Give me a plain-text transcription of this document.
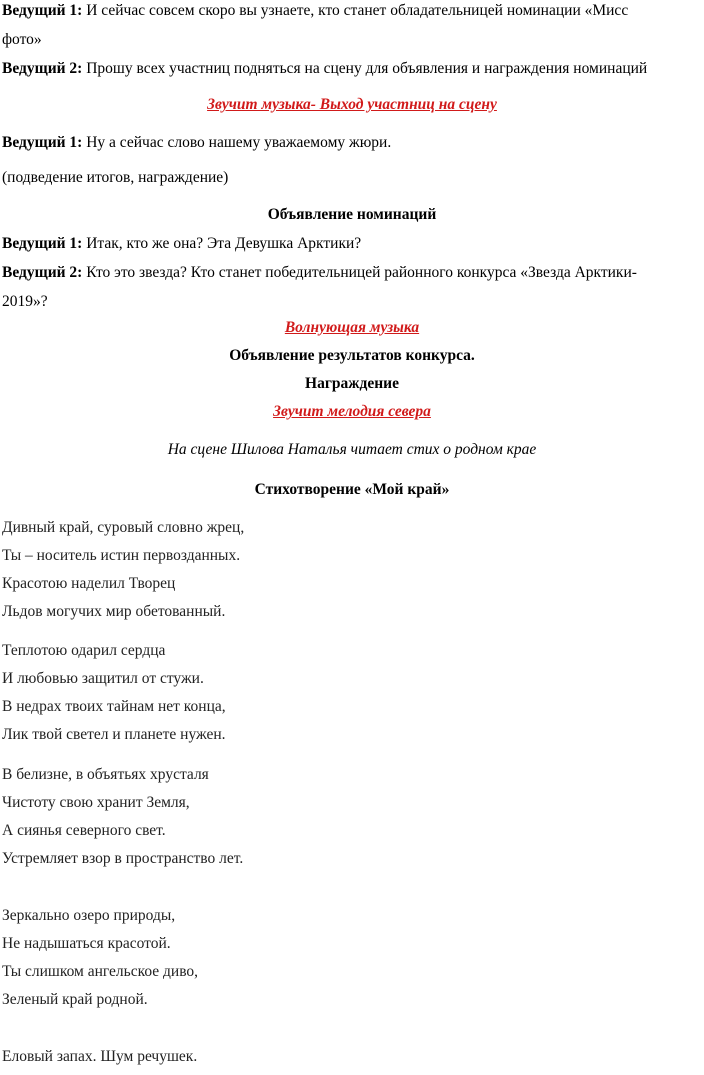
Ведущий 1: И сейчас совсем скоро вы узнаете, кто станет обладательницей номинации «Мисс
фото»
Ведущий 2: Прошу всех участниц подняться на сцену для объявления и награждения номинаций
Звучит музыка- Выход участниц на сцену
Ведущий 1: Ну а сейчас слово нашему уважаемому жюри.
(подведение итогов, награждение)
Объявление номинаций
Ведущий 1: Итак, кто же она? Эта Девушка Арктики?
Ведущий 2: Кто это звезда? Кто станет победительницей районного конкурса «Звезда Арктики-
2019»?
Волнующая музыка
Объявление результатов конкурса.
Награждение
Звучит мелодия севера
На сцене Шилова Наталья читает стих о родном крае
Стихотворение «Мой край»
Дивный край, суровый словно жрец,
Ты – носитель истин первозданных.
Красотою наделил Творец
Льдов могучих мир обетованный.
Теплотою одарил сердца
И любовью защитил от стужи.
В недрах твоих тайнам нет конца,
Лик твой светел и планете нужен.
В белизне, в объятьях хрусталя
Чистоту свою хранит Земля,
А сиянья северного свет.
Устремляет взор в пространство лет.
Зеркально озеро природы,
Не надышаться красотой.
Ты слишком ангельское диво,
Зеленый край родной.
Еловый запах. Шум речушек.
